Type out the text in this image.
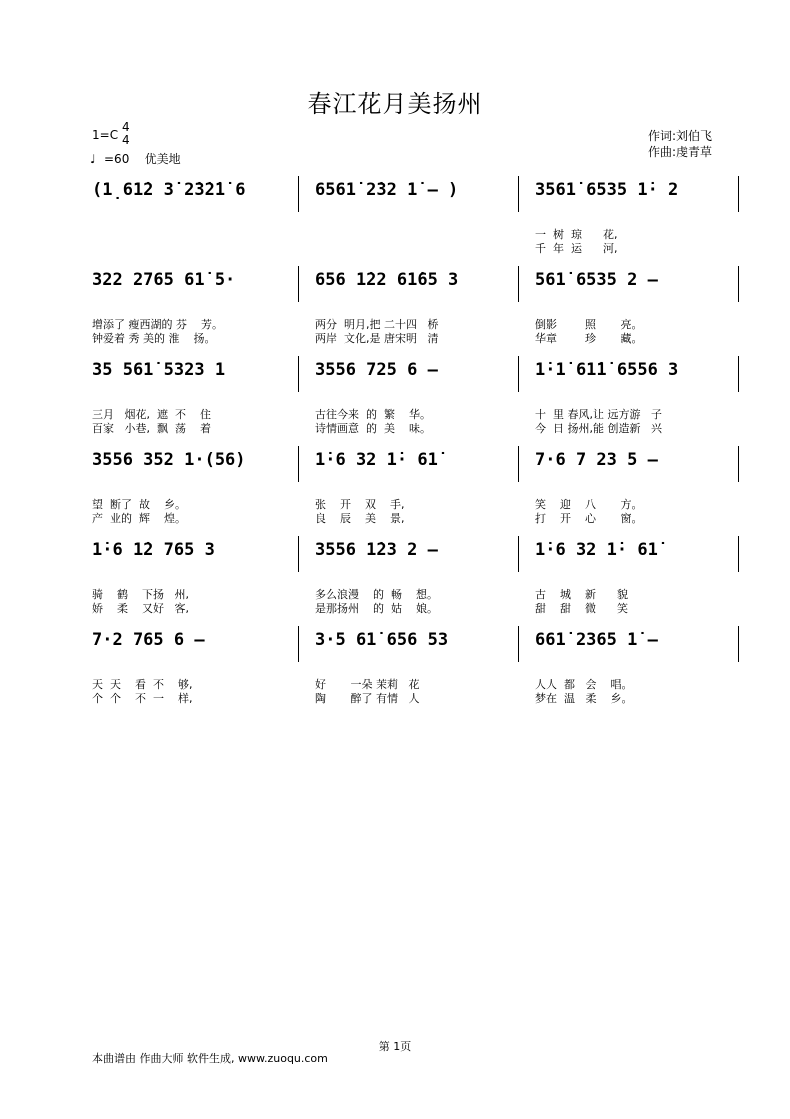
春江花月美扬州
1=C
4
4
♩ =60 优美地
作词:刘伯飞
作曲:虔青草
(1̣61̇2 3̇ 2̇3̇2̇1̇ 6	6561̇ 2̇32 1̇ – )	3561̇ 6535 1̇· 2
一  树  琼      花,
千  年  运      河,
322 2765 61̇ 5·	656 1̇22 61̇65 3	561̇ 6535 2 –
增添了 瘦西湖的 芬    芳。	两分  明月,把 二十四   桥	倒影        照       亮。
钟爱着 秀 美的 淮    扬。	两岸  文化,是 唐宋明   清	华章        珍       藏。
35 561̇ 5323 1	3556 725 6 –	1̇·1̇ 61̇1̇ 6556 3
三月   烟花,  遮  不    住	古往今来  的  繁    华。	十  里 春风,让 远方游   子
百家   小巷,  飘  荡    着	诗情画意  的  美    味。	今  日 扬州,能 创造新   兴
3556 352 1·(56)	1̇·6 32 1̇· 61̇	7·6 7 23 5 –
望  断了  故    乡。	张    开    双    手,	笑    迎    八       方。
产  业的  辉    煌。	良    辰    美    景,	打    开    心       窗。
1̇·6 1̇2 765 3	3556 1̇23 2 –	1̇·6 32 1̇· 61̇
骑    鹤    下扬   州,	多么浪漫    的  畅    想。	古    城    新      貌
娇    柔    又好   客,	是那扬州    的  姑    娘。	甜    甜    微      笑
7·2 765 6 –	3·5 61̇ 656 53	661̇ 2365 1̇ –
天  天    看  不    够,	好       一朵 茉莉   花	人人  都   会    唱。
个  个    不  一    样,	陶       醉了 有情   人	梦在  温   柔    乡。
第 1页
本曲谱由 作曲大师 软件生成, www.zuoqu.com
